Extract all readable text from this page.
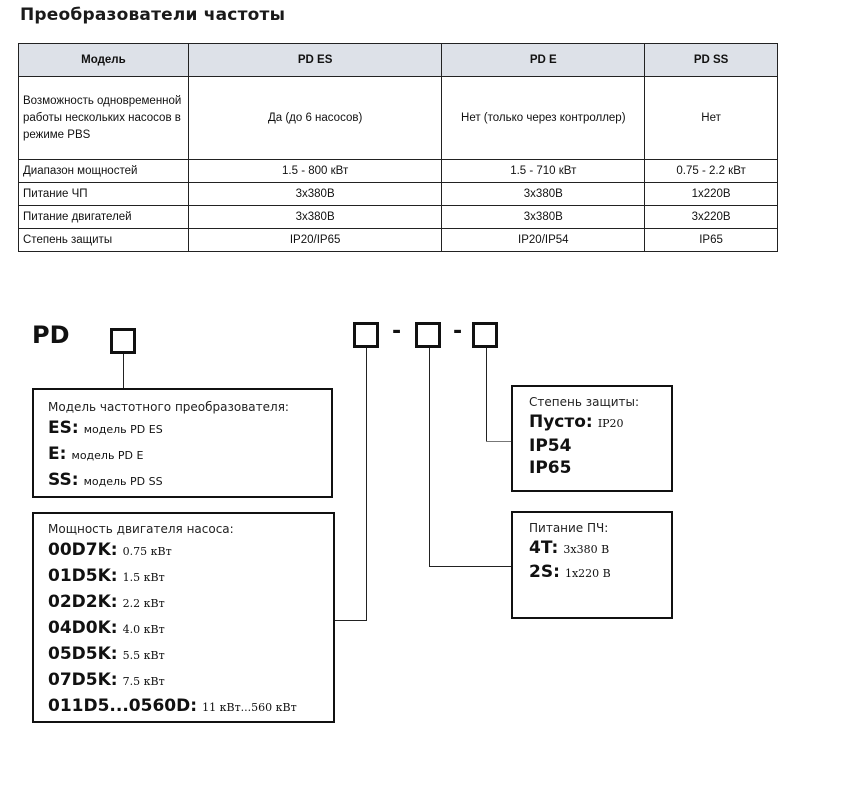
Преобразователи частоты
Модель	PD ES	PD E	PD SS
Возможность одновременной работы нескольких насосов в режиме PBS	Да (до 6 насосов)	Нет (только через контроллер)	Нет
Диапазон мощностей	1.5 - 800 кВт	1.5 - 710 кВт	0.75 - 2.2 кВт
Питание ЧП	3x380В	3x380В	1x220В
Питание двигателей	3x380В	3x380В	3x220В
Степень защиты	IP20/IP65	IP20/IP54	IP65
PD	- -
Модель частотного преобразователя:
ES: модель PD ES
E: модель PD E
SS: модель PD SS
Мощность двигателя насоса:
00D7K: 0.75 кВт
01D5K: 1.5 кВт
02D2K: 2.2 кВт
04D0K: 4.0 кВт
05D5K: 5.5 кВт
07D5K: 7.5 кВт
011D5...0560D: 11 кВт...560 кВт
Степень защиты:
Пусто: IP20
IP54
IP65
Питание ПЧ:
4T: 3x380 В
2S: 1x220 В
